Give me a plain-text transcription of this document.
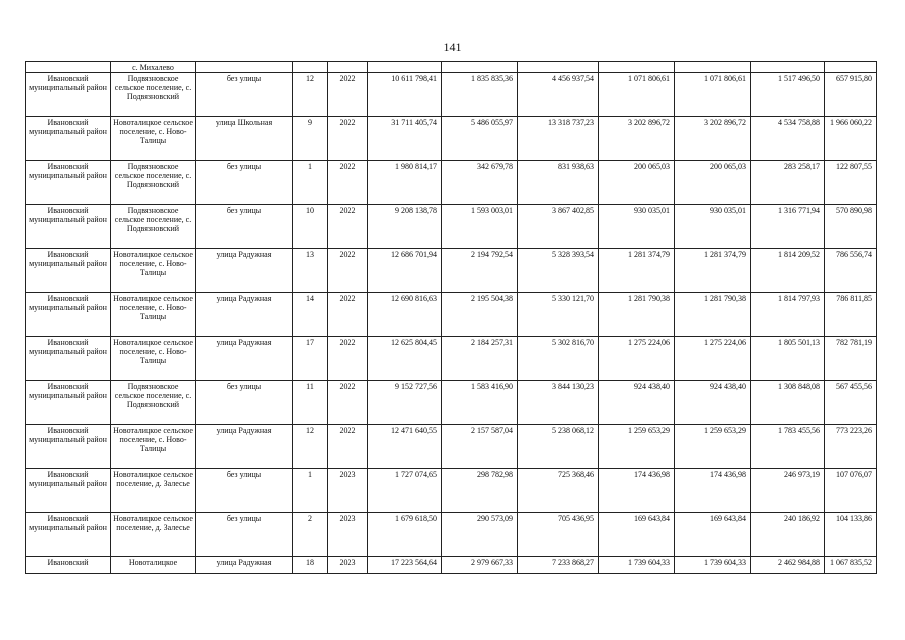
141
	с. Михалево										
Ивановский муниципальный район	Подвязновское сельское поселение, с. Подвязновский	без улицы	12	2022	10 611 798,41	1 835 835,36	4 456 937,54	1 071 806,61	1 071 806,61	1 517 496,50	657 915,80
Ивановский муниципальный район	Новоталицкое сельское поселение, с. Ново-Талицы	улица Школьная	9	2022	31 711 405,74	5 486 055,97	13 318 737,23	3 202 896,72	3 202 896,72	4 534 758,88	1 966 060,22
Ивановский муниципальный район	Подвязновское сельское поселение, с. Подвязновский	без улицы	1	2022	1 980 814,17	342 679,78	831 938,63	200 065,03	200 065,03	283 258,17	122 807,55
Ивановский муниципальный район	Подвязновское сельское поселение, с. Подвязновский	без улицы	10	2022	9 208 138,78	1 593 003,01	3 867 402,85	930 035,01	930 035,01	1 316 771,94	570 890,98
Ивановский муниципальный район	Новоталицкое сельское поселение, с. Ново-Талицы	улица Радужная	13	2022	12 686 701,94	2 194 792,54	5 328 393,54	1 281 374,79	1 281 374,79	1 814 209,52	786 556,74
Ивановский муниципальный район	Новоталицкое сельское поселение, с. Ново-Талицы	улица Радужная	14	2022	12 690 816,63	2 195 504,38	5 330 121,70	1 281 790,38	1 281 790,38	1 814 797,93	786 811,85
Ивановский муниципальный район	Новоталицкое сельское поселение, с. Ново-Талицы	улица Радужная	17	2022	12 625 804,45	2 184 257,31	5 302 816,70	1 275 224,06	1 275 224,06	1 805 501,13	782 781,19
Ивановский муниципальный район	Подвязновское сельское поселение, с. Подвязновский	без улицы	11	2022	9 152 727,56	1 583 416,90	3 844 130,23	924 438,40	924 438,40	1 308 848,08	567 455,56
Ивановский муниципальный район	Новоталицкое сельское поселение, с. Ново-Талицы	улица Радужная	12	2022	12 471 640,55	2 157 587,04	5 238 068,12	1 259 653,29	1 259 653,29	1 783 455,56	773 223,26
Ивановский муниципальный район	Новоталицкое сельское поселение, д. Залесье	без улицы	1	2023	1 727 074,65	298 782,98	725 368,46	174 436,98	174 436,98	246 973,19	107 076,07
Ивановский муниципальный район	Новоталицкое сельское поселение, д. Залесье	без улицы	2	2023	1 679 618,50	290 573,09	705 436,95	169 643,84	169 643,84	240 186,92	104 133,86
Ивановский	Новоталицкое	улица Радужная	18	2023	17 223 564,64	2 979 667,33	7 233 868,27	1 739 604,33	1 739 604,33	2 462 984,88	1 067 835,52
